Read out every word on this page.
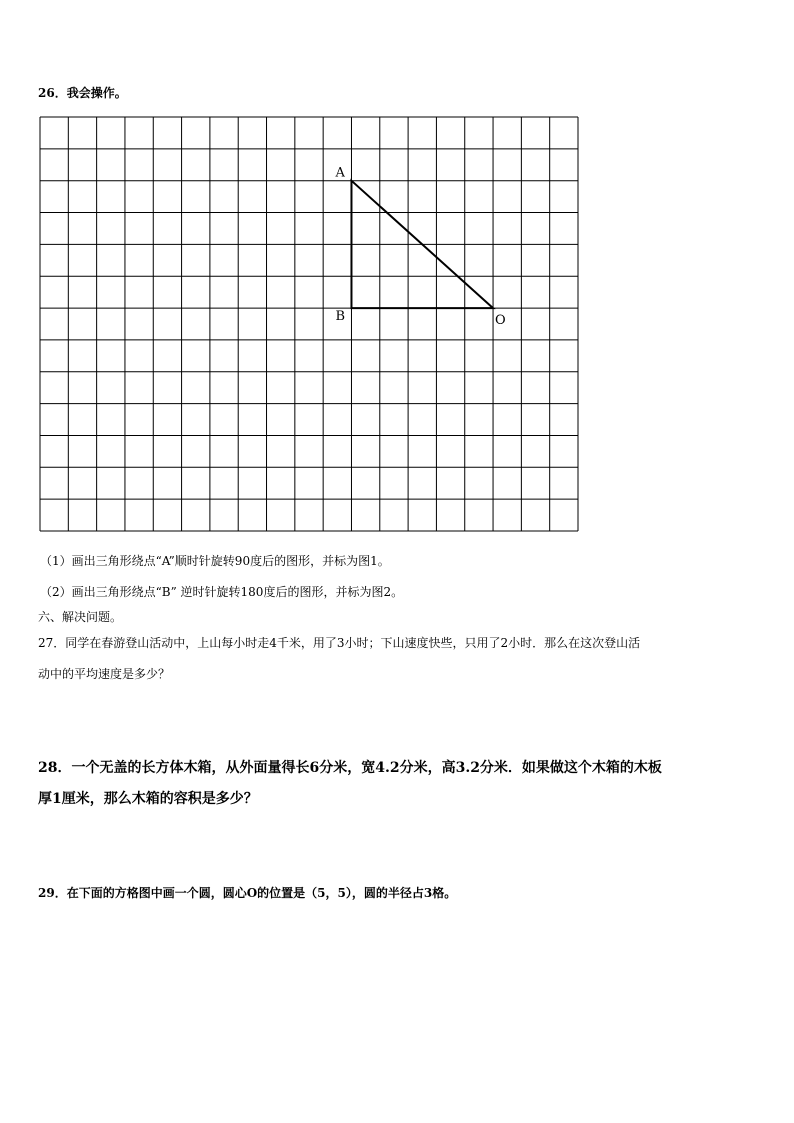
26．我会操作。
A
B	O
（1）画出三角形绕点“A”顺时针旋转90度后的图形，并标为图1。
（2）画出三角形绕点“B” 逆时针旋转180度后的图形，并标为图2。
六、解决问题。
27．同学在春游登山活动中，上山每小时走4千米，用了3小时；下山速度快些，只用了2小时．那么在这次登山活
动中的平均速度是多少？
28．一个无盖的长方体木箱，从外面量得长6分米，宽4.2分米，高3.2分米．如果做这个木箱的木板
厚1厘米，那么木箱的容积是多少？
29．在下面的方格图中画一个圆，圆心O的位置是（5，5），圆的半径占3格。
